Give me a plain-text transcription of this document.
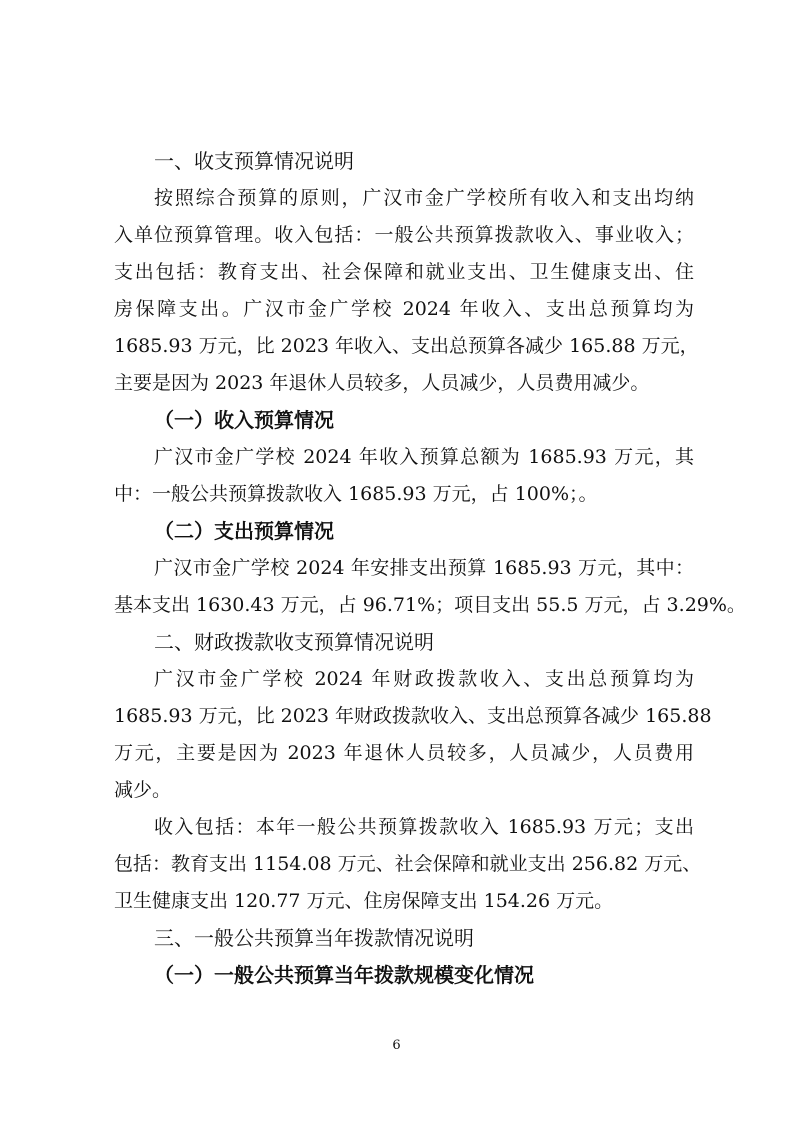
一、收支预算情况说明

按照综合预算的原则，广汉市金广学校所有收入和支出均纳
入单位预算管理。收入包括：一般公共预算拨款收入、事业收入；
支出包括：教育支出、社会保障和就业支出、卫生健康支出、住
房保障支出。广汉市金广学校 2024 年收入、支出总预算均为
1685.93 万元，比 2023 年收入、支出总预算各减少 165.88 万元，
主要是因为 2023 年退休人员较多，人员减少，人员费用减少。

（一）收入预算情况

广汉市金广学校 2024 年收入预算总额为 1685.93 万元，其
中：一般公共预算拨款收入 1685.93 万元，占 100%；。

（二）支出预算情况

广汉市金广学校 2024 年安排支出预算 1685.93 万元，其中：
基本支出 1630.43 万元，占 96.71%；项目支出 55.5 万元，占 3.29%。

二、财政拨款收支预算情况说明

广汉市金广学校 2024 年财政拨款收入、支出总预算均为
1685.93 万元，比 2023 年财政拨款收入、支出总预算各减少 165.88
万元，主要是因为 2023 年退休人员较多，人员减少，人员费用
减少。

收入包括：本年一般公共预算拨款收入 1685.93 万元；支出
包括：教育支出 1154.08 万元、社会保障和就业支出 256.82 万元、
卫生健康支出 120.77 万元、住房保障支出 154.26 万元。

三、一般公共预算当年拨款情况说明
（一）一般公共预算当年拨款规模变化情况
6
